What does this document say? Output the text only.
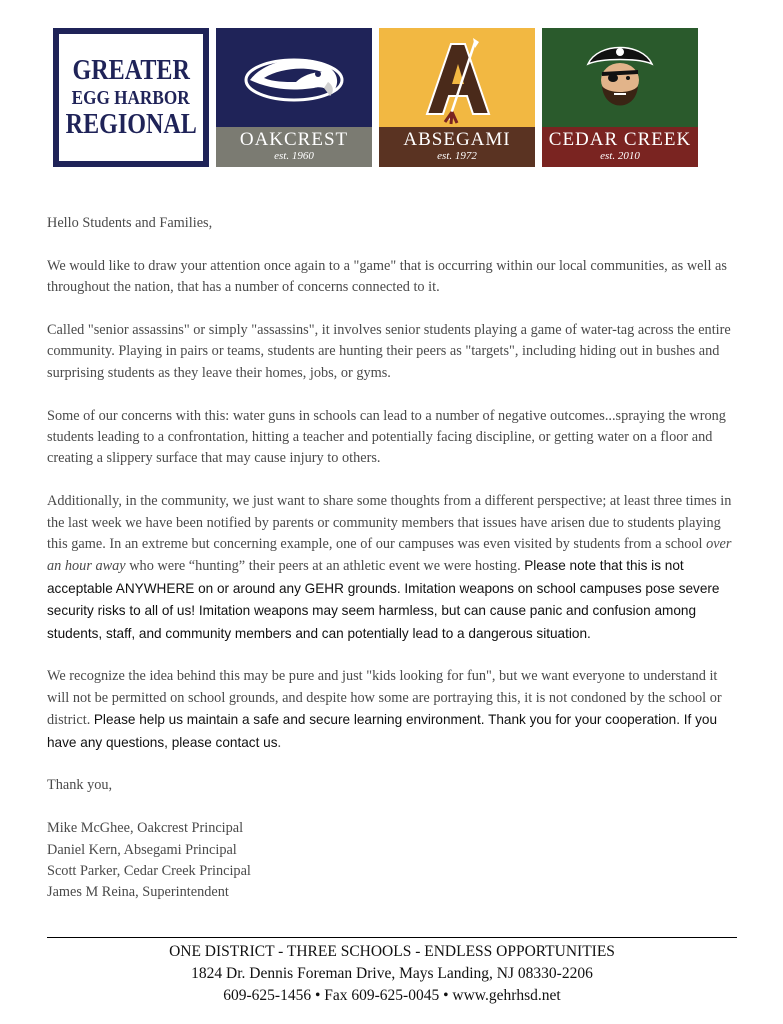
GREATER
EGG HARBOR
REGIONAL	OAKCREST
est. 1960
ABSEGAMI
est. 1972
CEDAR CREEK
est. 2010

Hello Students and Families,

We would like to draw your attention once again to a "game" that is occurring within our local communities, as well as throughout the nation, that has a number of concerns connected to it.

Called "senior assassins" or simply "assassins", it involves senior students playing a game of water-tag across the entire community. Playing in pairs or teams, students are hunting their peers as "targets", including hiding out in bushes and surprising students as they leave their homes, jobs, or gyms.

Some of our concerns with this: water guns in schools can lead to a number of negative outcomes...spraying the wrong students leading to a confrontation, hitting a teacher and potentially facing discipline, or getting water on a floor and creating a slippery surface that may cause injury to others.

Additionally, in the community, we just want to share some thoughts from a different perspective; at least three times in the last week we have been notified by parents or community members that issues have arisen due to students playing this game. In an extreme but concerning example, one of our campuses was even visited by students from a school over an hour away who were “hunting” their peers at an athletic event we were hosting. Please note that this is not acceptable ANYWHERE on or around any GEHR grounds. Imitation weapons on school campuses pose severe security risks to all of us! Imitation weapons may seem harmless, but can cause panic and confusion among students, staff, and community members and can potentially lead to a dangerous situation.

We recognize the idea behind this may be pure and just "kids looking for fun", but we want everyone to understand it will not be permitted on school grounds, and despite how some are portraying this, it is not condoned by the school or district. Please help us maintain a safe and secure learning environment. Thank you for your cooperation. If you have any questions, please contact us.

Thank you,

Mike McGhee, Oakcrest Principal
Daniel Kern, Absegami Principal
Scott Parker, Cedar Creek Principal
James M Reina, Superintendent

ONE DISTRICT - THREE SCHOOLS - ENDLESS OPPORTUNITIES
1824 Dr. Dennis Foreman Drive, Mays Landing, NJ 08330-2206
609-625-1456 • Fax 609-625-0045 • www.gehrhsd.net
